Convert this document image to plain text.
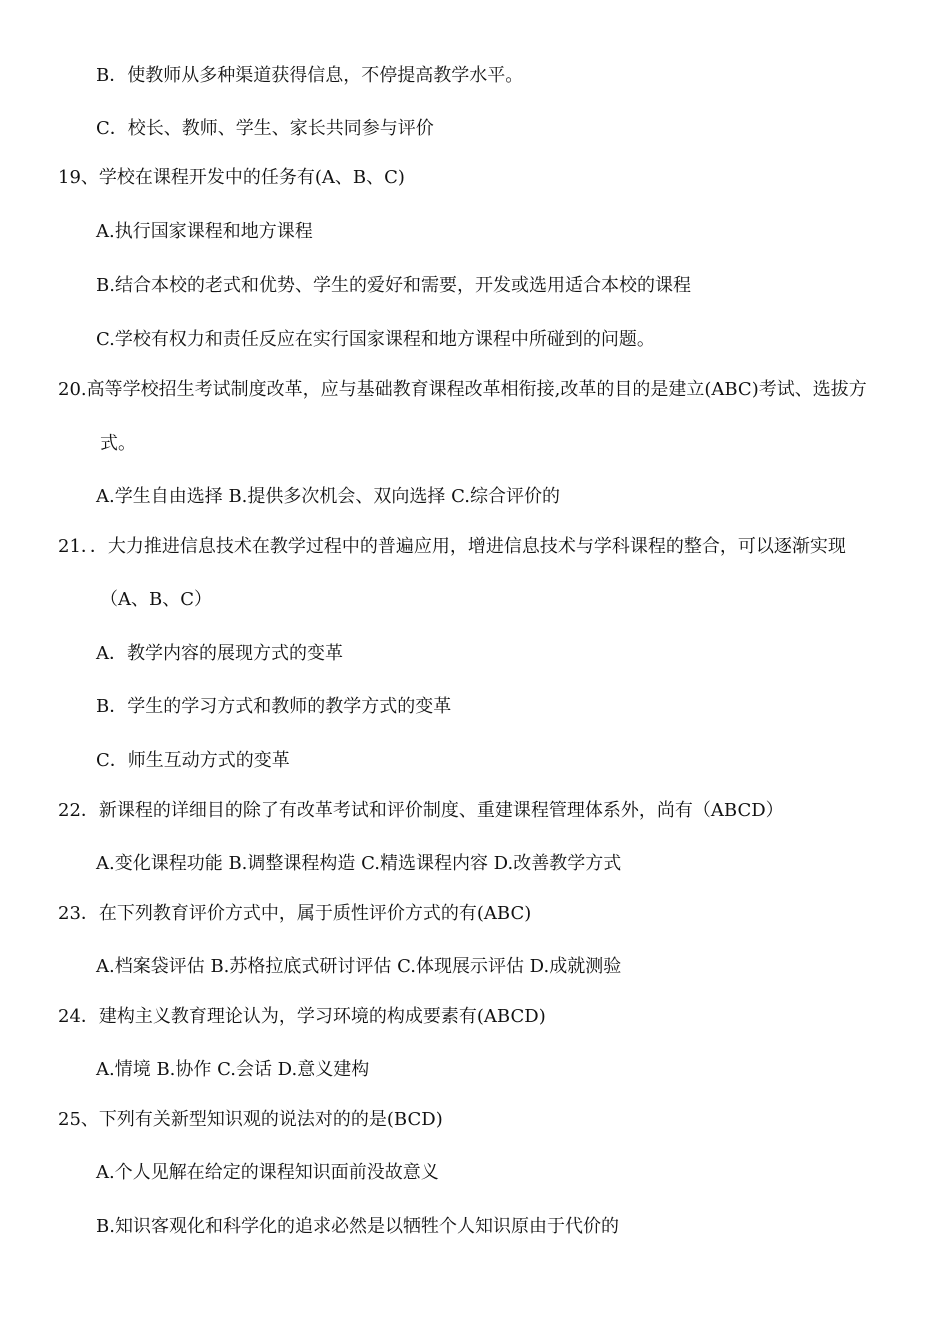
B．使教师从多种渠道获得信息，不停提高教学水平。
C．校长、教师、学生、家长共同参与评价
19、学校在课程开发中的任务有(A、B、C)
A.执行国家课程和地方课程
B.结合本校的老式和优势、学生的爱好和需要，开发或选用适合本校的课程
C.学校有权力和责任反应在实行国家课程和地方课程中所碰到的问题。
20.高等学校招生考试制度改革，应与基础教育课程改革相衔接,改革的目的是建立(ABC)考试、选拔方
式。
A.学生自由选择 B.提供多次机会、双向选择 C.综合评价的
21．．大力推进信息技术在教学过程中的普遍应用，增进信息技术与学科课程的整合，可以逐渐实现
（A、B、C）
A．教学内容的展现方式的变革
B．学生的学习方式和教师的教学方式的变革
C．师生互动方式的变革
22．新课程的详细目的除了有改革考试和评价制度、重建课程管理体系外，尚有（ABCD）
A.变化课程功能 B.调整课程构造 C.精选课程内容 D.改善教学方式
23．在下列教育评价方式中，属于质性评价方式的有(ABC)
A.档案袋评估 B.苏格拉底式研讨评估 C.体现展示评估 D.成就测验
24．建构主义教育理论认为，学习环境的构成要素有(ABCD)
A.情境 B.协作 C.会话 D.意义建构
25、下列有关新型知识观的说法对的的是(BCD)
A.个人见解在给定的课程知识面前没故意义
B.知识客观化和科学化的追求必然是以牺牲个人知识原由于代价的
